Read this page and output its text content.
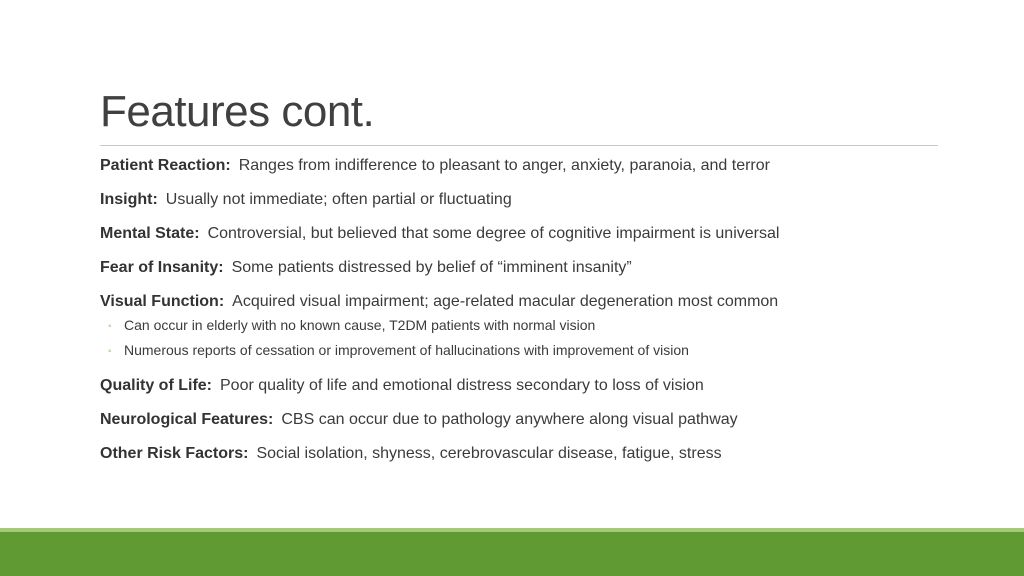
Features cont.
Patient Reaction: Ranges from indifference to pleasant to anger, anxiety, paranoia, and terror
Insight: Usually not immediate; often partial or fluctuating
Mental State: Controversial, but believed that some degree of cognitive impairment is universal
Fear of Insanity: Some patients distressed by belief of “imminent insanity”
Visual Function: Acquired visual impairment; age-related macular degeneration most common
◦ Can occur in elderly with no known cause, T2DM patients with normal vision
◦ Numerous reports of cessation or improvement of hallucinations with improvement of vision
Quality of Life: Poor quality of life and emotional distress secondary to loss of vision
Neurological Features: CBS can occur due to pathology anywhere along visual pathway
Other Risk Factors: Social isolation, shyness, cerebrovascular disease, fatigue, stress
